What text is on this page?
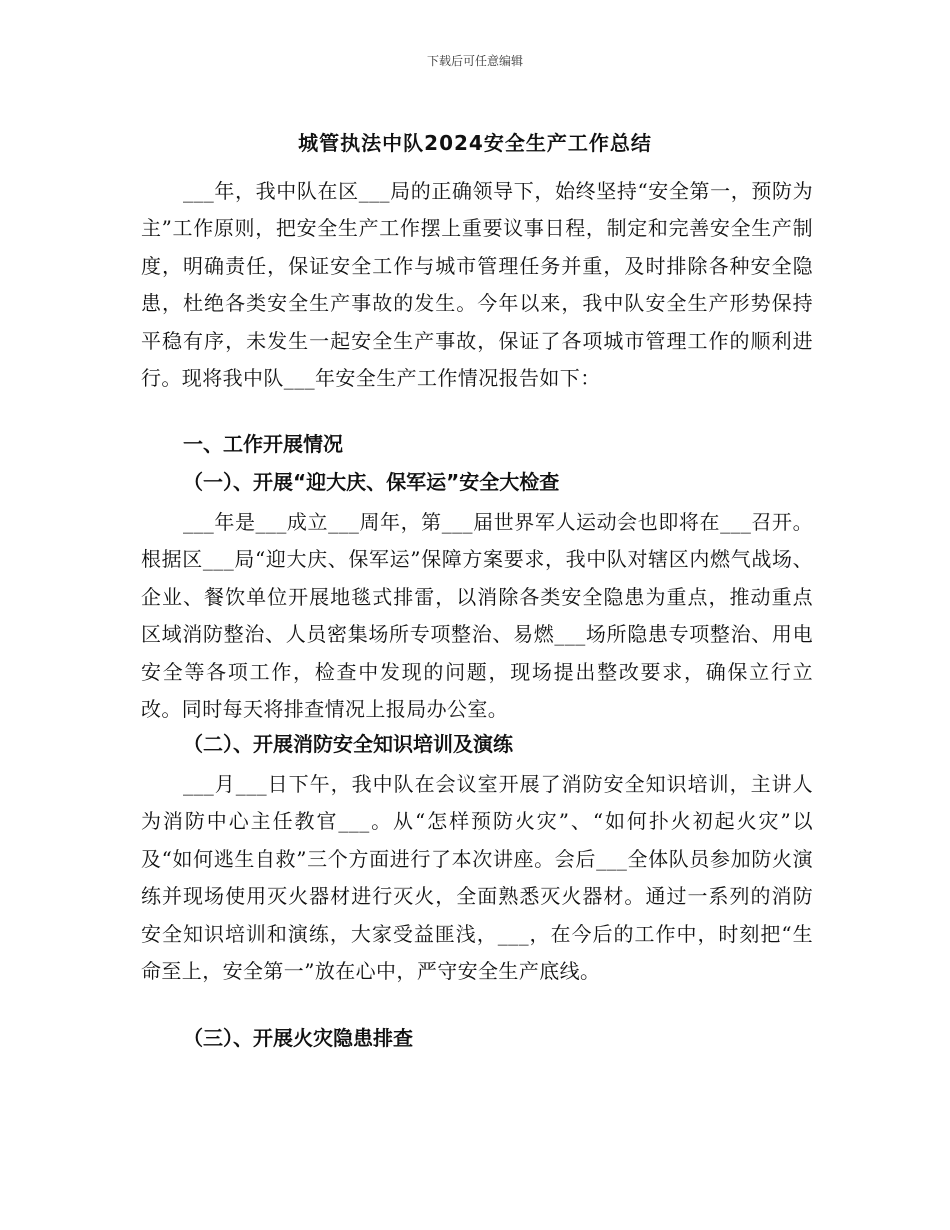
下载后可任意编辑
城管执法中队2024安全生产工作总结
___年，我中队在区___局的正确领导下，始终坚持“安全第一，预防为主”工作原则，把安全生产工作摆上重要议事日程，制定和完善安全生产制度，明确责任，保证安全工作与城市管理任务并重，及时排除各种安全隐患，杜绝各类安全生产事故的发生。今年以来，我中队安全生产形势保持平稳有序，未发生一起安全生产事故，保证了各项城市管理工作的顺利进行。现将我中队___年安全生产工作情况报告如下：
一、工作开展情况
（一）、开展“迎大庆、保军运”安全大检查
___年是___成立___周年，第___届世界军人运动会也即将在___召开。根据区___局“迎大庆、保军运”保障方案要求，我中队对辖区内燃气战场、企业、餐饮单位开展地毯式排雷，以消除各类安全隐患为重点，推动重点区域消防整治、人员密集场所专项整治、易燃___场所隐患专项整治、用电安全等各项工作，检查中发现的问题，现场提出整改要求，确保立行立改。同时每天将排查情况上报局办公室。
（二）、开展消防安全知识培训及演练
___月___日下午，我中队在会议室开展了消防安全知识培训，主讲人为消防中心主任教官___。从“怎样预防火灾”、“如何扑火初起火灾”以及“如何逃生自救”三个方面进行了本次讲座。会后___全体队员参加防火演练并现场使用灭火器材进行灭火，全面熟悉灭火器材。通过一系列的消防安全知识培训和演练，大家受益匪浅，___，在今后的工作中，时刻把“生命至上，安全第一”放在心中，严守安全生产底线。
（三）、开展火灾隐患排查
